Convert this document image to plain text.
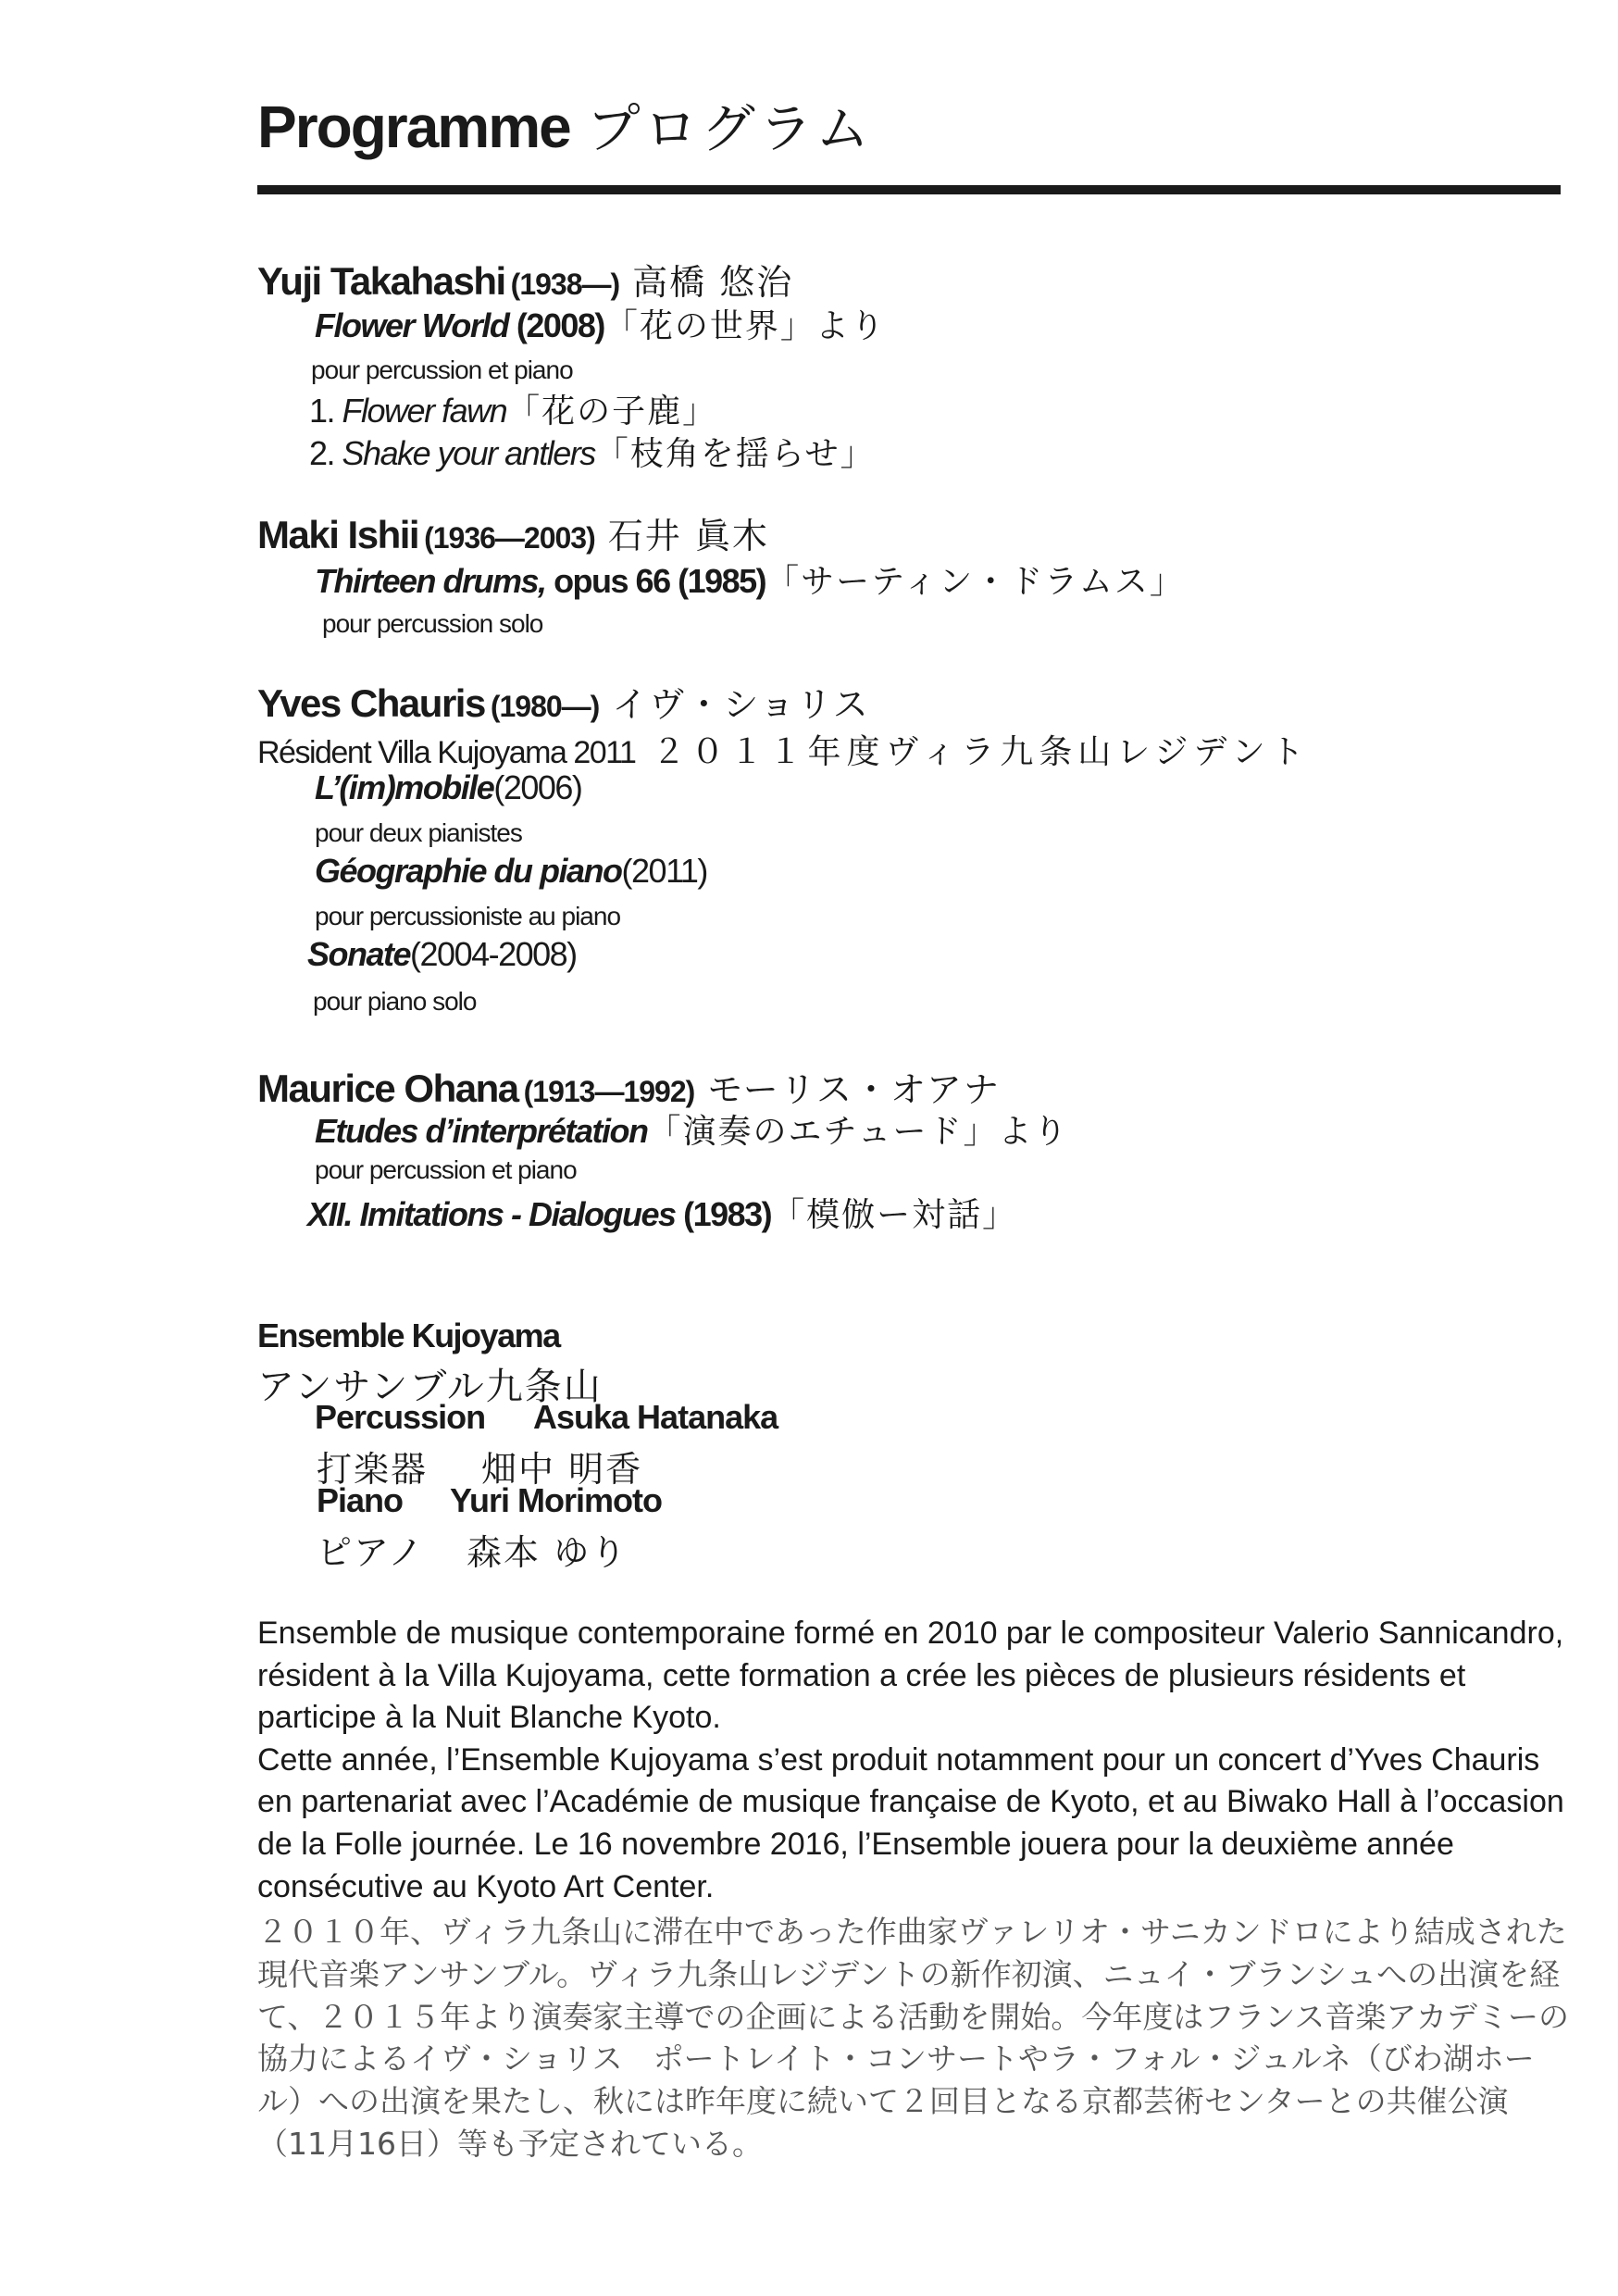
Programme プログラム
Yuji Takahashi (1938—) 高橋 悠治
Flower World (2008)「花の世界」より
pour percussion et piano
1. Flower fawn「花の子鹿」
2. Shake your antlers「枝角を揺らせ」
Maki Ishii (1936—2003) 石井 眞木
Thirteen drums, opus 66 (1985)「サーティン・ドラムス」
pour percussion solo
Yves Chauris (1980—) イヴ・ショリス
Résident Villa Kujoyama 2011 ２０１１年度ヴィラ九条山レジデント
L’(im)mobile(2006)
pour deux pianistes
Géographie du piano(2011)
pour percussioniste au piano
Sonate(2004-2008)
pour piano solo
Maurice Ohana (1913—1992) モーリス・オアナ
Etudes d’interprétation「演奏のエチュード」より
pour percussion et piano
XII. Imitations - Dialogues (1983)「模倣ー対話」
Ensemble Kujoyama
アンサンブル九条山
Percussion Asuka Hatanaka
打楽器 畑中 明香
Piano Yuri Morimoto
ピアノ 森本 ゆり
Ensemble de musique contemporaine formé en 2010 par le compositeur Valerio Sannicandro, résident à la Villa Kujoyama, cette formation a crée les pièces de plusieurs résidents et participe à la Nuit Blanche Kyoto.
Cette année, l’Ensemble Kujoyama s’est produit notamment pour un concert d’Yves Chauris en partenariat avec l’Académie de musique française de Kyoto, et au Biwako Hall à l’occasion de la Folle journée. Le 16 novembre 2016, l’Ensemble jouera pour la deuxième année consécutive au Kyoto Art Center.
２０１０年、ヴィラ九条山に滞在中であった作曲家ヴァレリオ・サニカンドロにより結成された現代音楽アンサンブル。ヴィラ九条山レジデントの新作初演、ニュイ・ブランシュへの出演を経て、２０１５年より演奏家主導での企画による活動を開始。今年度はフランス音楽アカデミーの協力によるイヴ・ショリス　ポートレイト・コンサートやラ・フォル・ジュルネ（びわ湖ホール）への出演を果たし、秋には昨年度に続いて２回目となる京都芸術センターとの共催公演（11月16日）等も予定されている。
